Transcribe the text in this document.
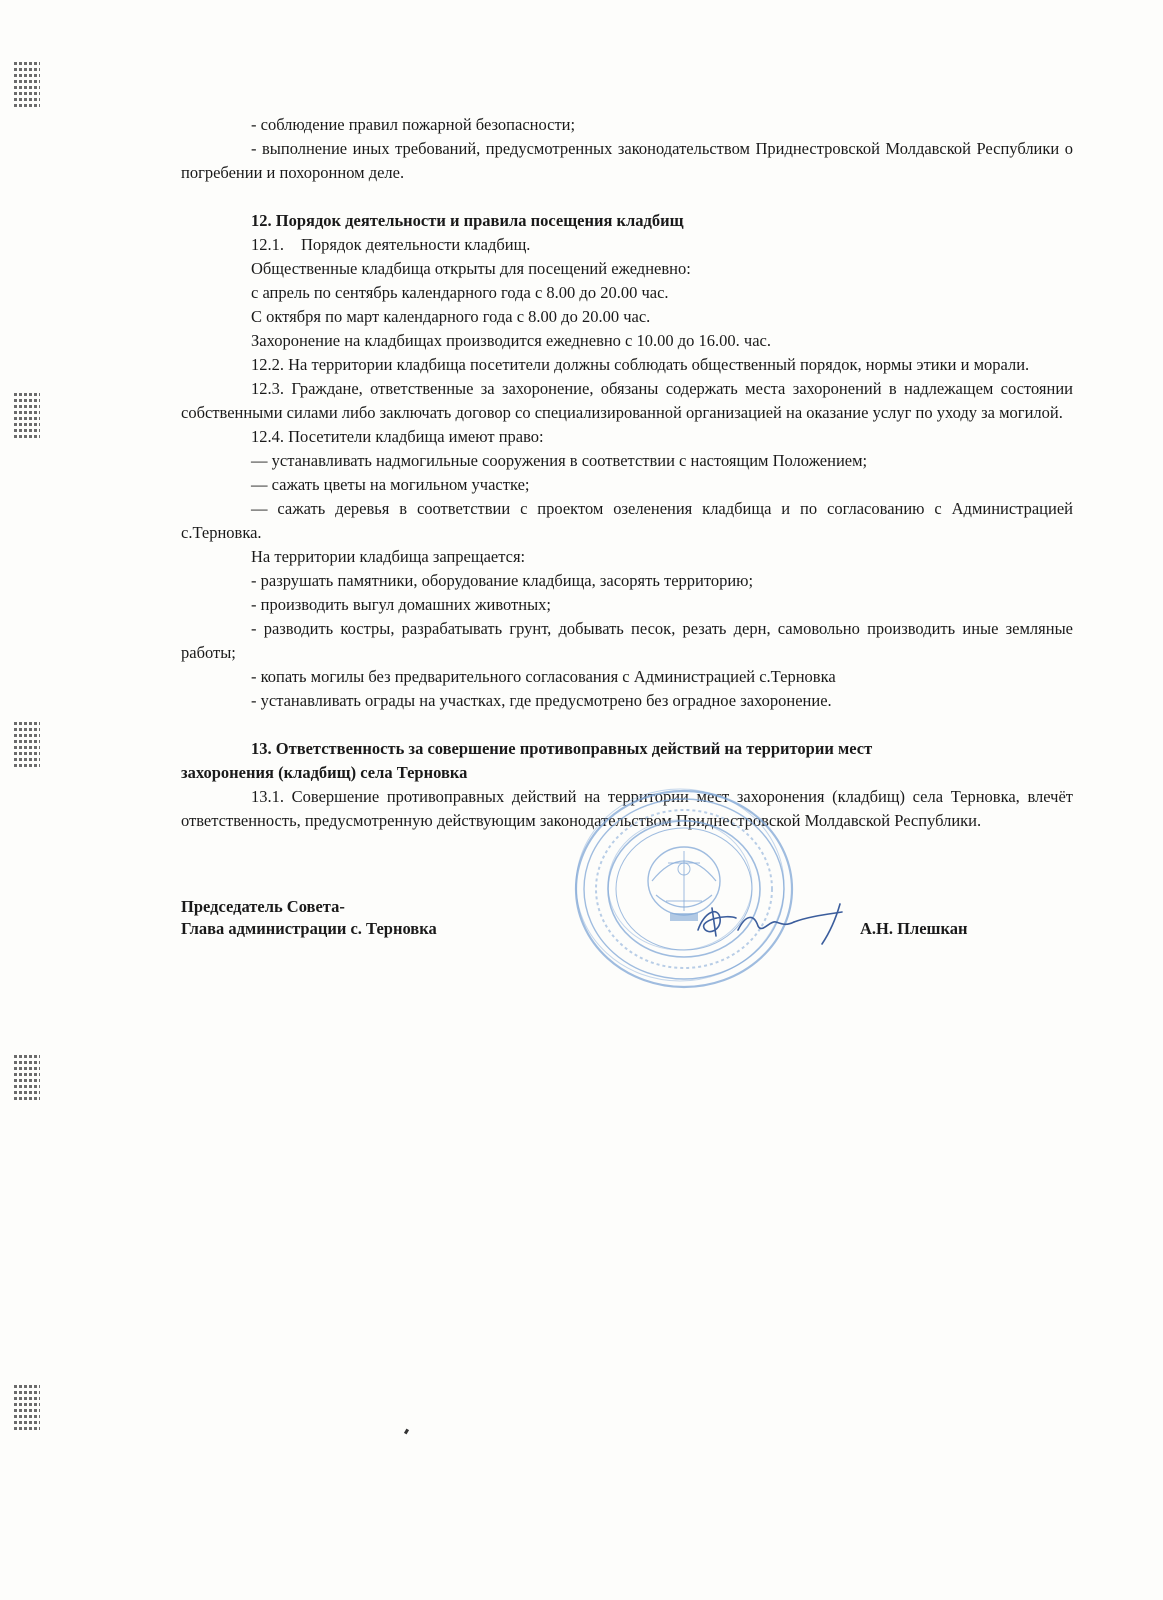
- соблюдение правил пожарной безопасности;

- выполнение иных требований, предусмотренных законодательством Приднестровской Молдавской Республики о погребении и похоронном деле.

12. Порядок деятельности и правила посещения кладбищ

12.1. Порядок деятельности кладбищ.

Общественные кладбища открыты для посещений ежедневно:

с апрель по сентябрь календарного года с 8.00 до 20.00 час.

С октября по март календарного года с 8.00 до 20.00 час.

Захоронение на кладбищах производится ежедневно с 10.00 до 16.00. час.

12.2. На территории кладбища посетители должны соблюдать общественный порядок, нормы этики и морали.

12.3. Граждане, ответственные за захоронение, обязаны содержать места захоронений в надлежащем состоянии собственными силами либо заключать договор со специализированной организацией на оказание услуг по уходу за могилой.

12.4. Посетители кладбища имеют право:

— устанавливать надмогильные сооружения в соответствии с настоящим Положением;

— сажать цветы на могильном участке;

— сажать деревья в соответствии с проектом озеленения кладбища и по согласованию с Администрацией с.Терновка.

На территории кладбища запрещается:

- разрушать памятники, оборудование кладбища, засорять территорию;

- производить выгул домашних животных;

- разводить костры, разрабатывать грунт, добывать песок, резать дерн, самовольно производить иные земляные работы;

- копать могилы без предварительного согласования с Администрацией с.Терновка

- устанавливать ограды на участках, где предусмотрено без оградное захоронение.

13. Ответственность за совершение противоправных действий на территории мест

захоронения (кладбищ) села Терновка

13.1. Совершение противоправных действий на территории мест захоронения (кладбищ) села Терновка, влечёт ответственность, предусмотренную действующим законодательством Приднестровской Молдавской Республики.

Председатель Совета-
Глава администрации с. Терновка	А.Н. Плешкан
